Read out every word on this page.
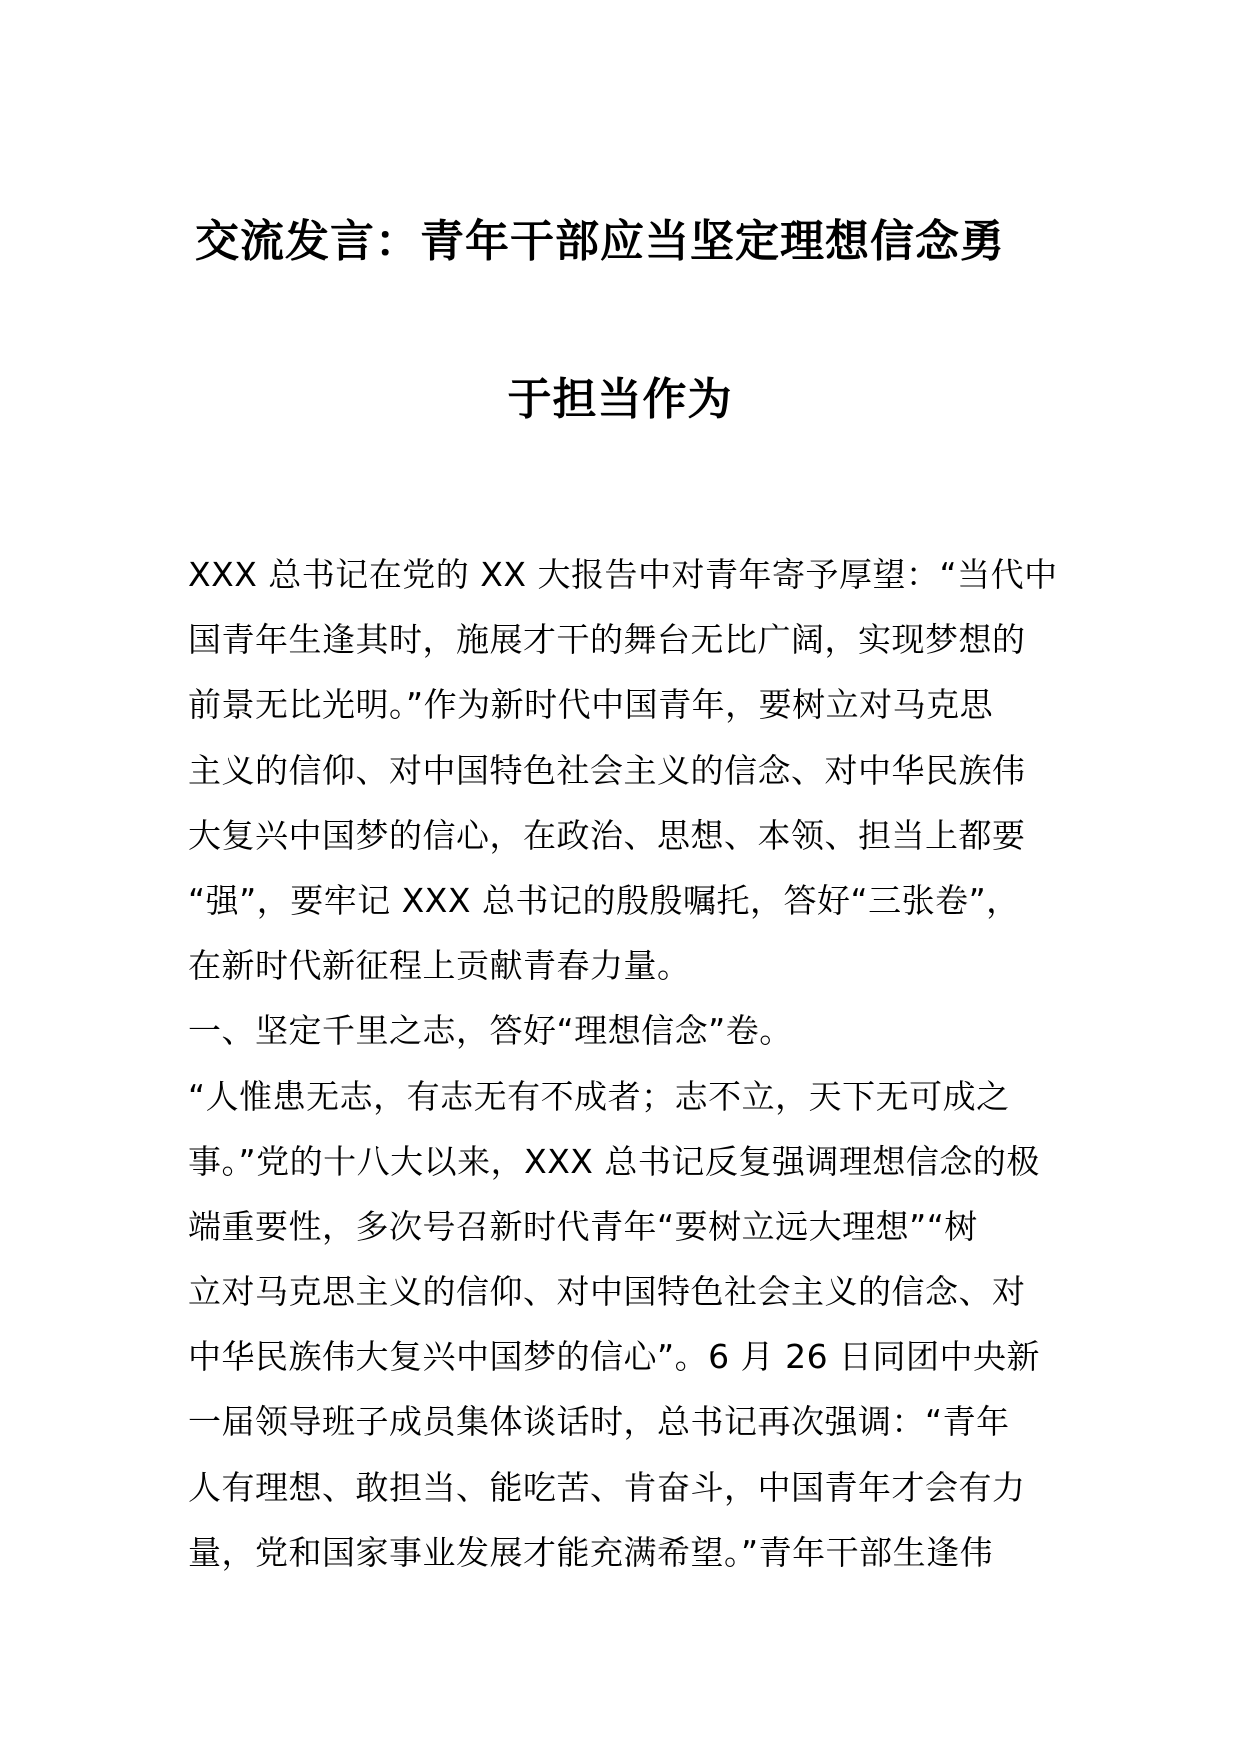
交流发言：青年干部应当坚定理想信念勇
于担当作为
XXX 总书记在党的 XX 大报告中对青年寄予厚望：“当代中
国青年生逢其时，施展才干的舞台无比广阔，实现梦想的
前景无比光明。”作为新时代中国青年，要树立对马克思
主义的信仰、对中国特色社会主义的信念、对中华民族伟
大复兴中国梦的信心，在政治、思想、本领、担当上都要
“强”，要牢记 XXX 总书记的殷殷嘱托，答好“三张卷”，
在新时代新征程上贡献青春力量。
一、坚定千里之志，答好“理想信念”卷。
“人惟患无志，有志无有不成者；志不立，天下无可成之
事。”党的十八大以来，XXX 总书记反复强调理想信念的极
端重要性，多次号召新时代青年“要树立远大理想”“树
立对马克思主义的信仰、对中国特色社会主义的信念、对
中华民族伟大复兴中国梦的信心”。6 月 26 日同团中央新
一届领导班子成员集体谈话时，总书记再次强调：“青年
人有理想、敢担当、能吃苦、肯奋斗，中国青年才会有力
量，党和国家事业发展才能充满希望。”青年干部生逢伟
